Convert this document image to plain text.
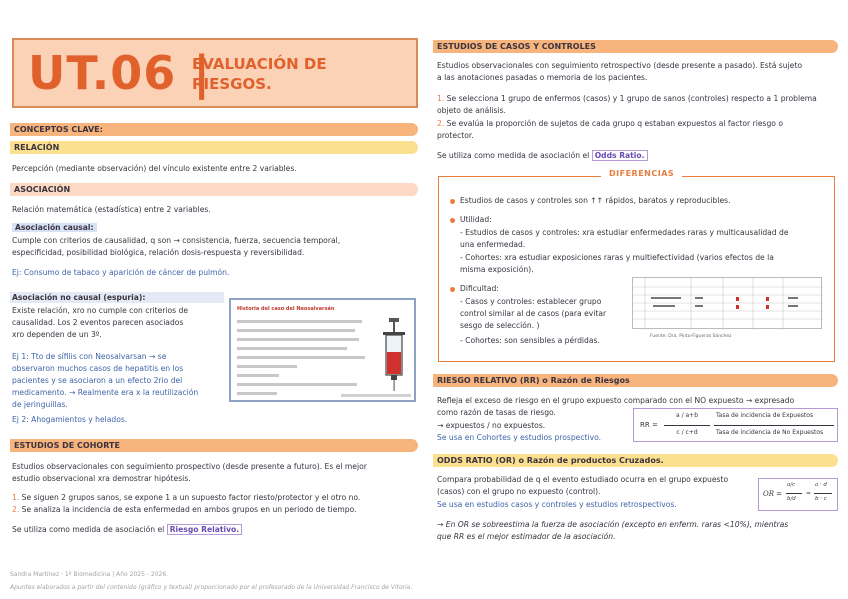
UT.06 |
EVALUACIÓN DE RIESGOS.
CONCEPTOS CLAVE:
RELACIÓN
Percepción (mediante observación) del vínculo existente entre 2 variables.
ASOCIACIÓN
Relación matemática (estadística) entre 2 variables.
Asociación causal:
Cumple con criterios de causalidad, q son → consistencia, fuerza, secuencia temporal,
especificidad, posibilidad biológica, relación dosis-respuesta y reversibilidad.
Ej: Consumo de tabaco y aparición de cáncer de pulmón.
Asociación no causal (espuria):
Existe relación, xro no cumple con criterios de
causalidad. Los 2 eventos parecen asociados
xro dependen de un 3º.
Ej 1: Tto de sífilis con Neosalvarsan → se
observaron muchos casos de hepatitis en los
pacientes y se asociaron a un efecto 2rio del
medicamento. → Realmente era x la reutilización
de jeringuillas.
Ej 2: Ahogamientos y helados.
Historia del caso del Neosalvarsán
ESTUDIOS DE COHORTE
Estudios observacionales con seguimiento prospectivo (desde presente a futuro). Es el mejor
estudio observacional xra demostrar hipótesis.
1. Se siguen 2 grupos sanos, se expone 1 a un supuesto factor riesto/protector y el otro no.
2. Se analiza la incidencia de esta enfermedad en ambos grupos en un periodo de tiempo.
Se utiliza como medida de asociación el Riesgo Relativo.
ESTUDIOS DE CASOS Y CONTROLES
Estudios observacionales con seguimiento retrospectivo (desde presente a pasado). Está sujeto
a las anotaciones pasadas o memoria de los pacientes.
1. Se selecciona 1 grupo de enfermos (casos) y 1 grupo de sanos (controles) respecto a 1 problema
objeto de análisis.
2. Se evalúa la proporción de sujetos de cada grupo q estaban expuestos al factor riesgo o
protector.
Se utiliza como medida de asociación el Odds Ratio.
DIFERENCIAS
Estudios de casos y controles son ↑↑ rápidos, baratos y reproducibles.
Utilidad:
- Estudios de casos y controles: xra estudiar enfermedades raras y multicausalidad de
una enfermedad.
- Cohortes: xra estudiar exposiciones raras y multiefectividad (varios efectos de la
misma exposición).
Dificultad:
- Casos y controles: establecer grupo
control similar al de casos (para evitar
sesgo de selección. )
- Cohortes: son sensibles a pérdidas.	Fuente: Dra. Pinto-Figueras Sánchez
RIESGO RELATIVO (RR) o Razón de Riesgos
Refleja el exceso de riesgo en el grupo expuesto comparado con el NO expuesto → expresado
como razón de tasas de riesgo.
→ expuestos / no expuestos.
Se usa en Cohortes y estudios prospectivo.
RR =
a / a+b
c / c+d
Tasa de incidencia de Expuestos
Tasa de incidencia de No Expuestos
ODDS RATIO (OR) o Razón de productos Cruzados.
Compara probabilidad de q el evento estudiado ocurra en el grupo expuesto
(casos) con el grupo no expuesto (control).
Se usa en estudios casos y controles y estudios retrospectivos.
→ En OR se sobreestima la fuerza de asociación (excepto en enferm. raras <10%), mientras
que RR es el mejor estimador de la asociación.
OR =
a/c
b/d
=
a · d
b · c
Sandra Martínez · 1º Biomedicina | Año 2025 - 2026.
Apuntes elaborados a partir del contenido (gráfico y textual) proporcionado por el profesorado de la Universidad Francisco de Vitoria.
